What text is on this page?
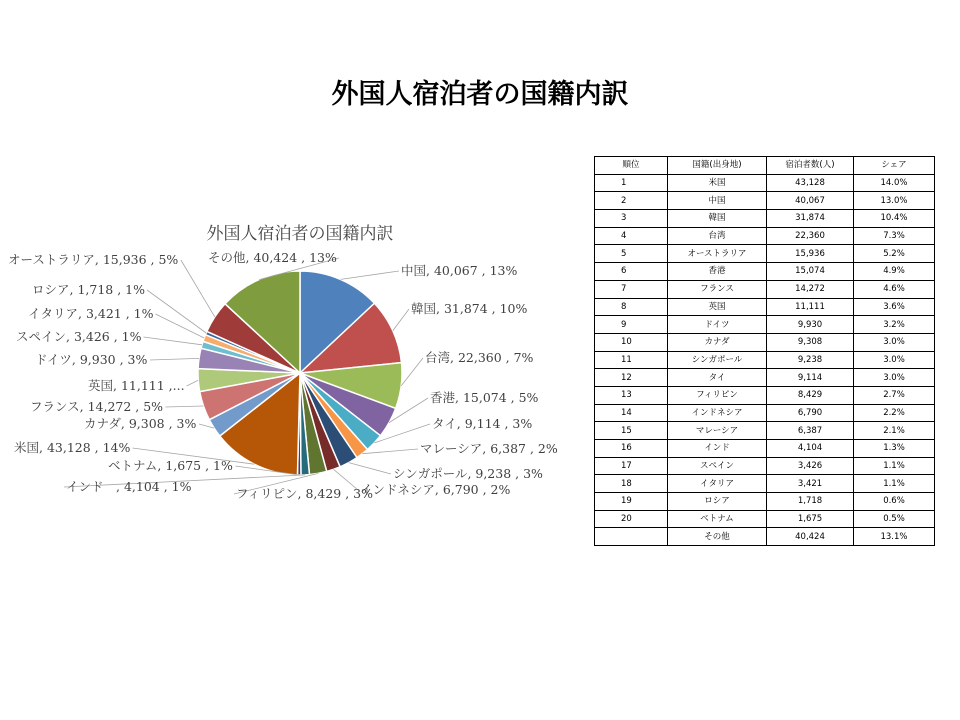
外国人宿泊者の国籍内訳
外国人宿泊者の国籍内訳
中国, 40,067 , 13%
韓国, 31,874 , 10%
台湾, 22,360 , 7%
香港, 15,074 , 5%
タイ, 9,114 , 3%
マレーシア, 6,387 , 2%
シンガポール, 9,238 , 3%
インドネシア, 6,790 , 2%
フィリピン, 8,429 , 3%
インド　, 4,104 , 1%
ベトナム, 1,675 , 1%
米国, 43,128 , 14%
カナダ, 9,308 , 3%
フランス, 14,272 , 5%
英国, 11,111 ,...
ドイツ, 9,930 , 3%
スペイン, 3,426 , 1%
イタリア, 3,421 , 1%
ロシア, 1,718 , 1%
オーストラリア, 15,936 , 5% その他, 40,424 , 13%
順位	国籍(出身地)	宿泊者数(人)	シェア
1	米国	43,128	14.0%
2	中国	40,067	13.0%
3	韓国	31,874	10.4%
4	台湾	22,360	7.3%
5	オーストラリア	15,936	5.2%
6	香港	15,074	4.9%
7	フランス	14,272	4.6%
8	英国	11,111	3.6%
9	ドイツ	9,930	3.2%
10	カナダ	9,308	3.0%
11	シンガポール	9,238	3.0%
12	タイ	9,114	3.0%
13	フィリピン	8,429	2.7%
14	インドネシア	6,790	2.2%
15	マレーシア	6,387	2.1%
16	インド	4,104	1.3%
17	スペイン	3,426	1.1%
18	イタリア	3,421	1.1%
19	ロシア	1,718	0.6%
20	ベトナム	1,675	0.5%
	その他	40,424	13.1%
